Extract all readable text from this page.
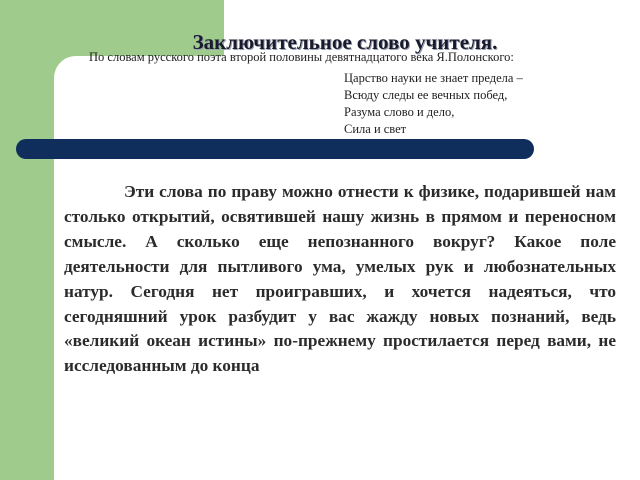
Заключительное слово учителя.

По словам русского поэта второй половины девятнадцатого века Я.Полонского:

Царство науки не знает предела –
Всюду следы ее вечных побед,
Разума слово и дело,
Сила и свет

Эти слова по праву можно отнести к физике, подарившей нам столько открытий, освятившей нашу жизнь в прямом и переносном смысле. А сколько еще непознанного вокруг? Какое поле деятельности для пытливого ума, умелых рук и любознательных натур. Сегодня нет проигравших, и хочется надеяться, что сегодняшний урок разбудит у вас жажду новых познаний, ведь «великий океан истины» по-прежнему простилается перед вами, не исследованным до конца
